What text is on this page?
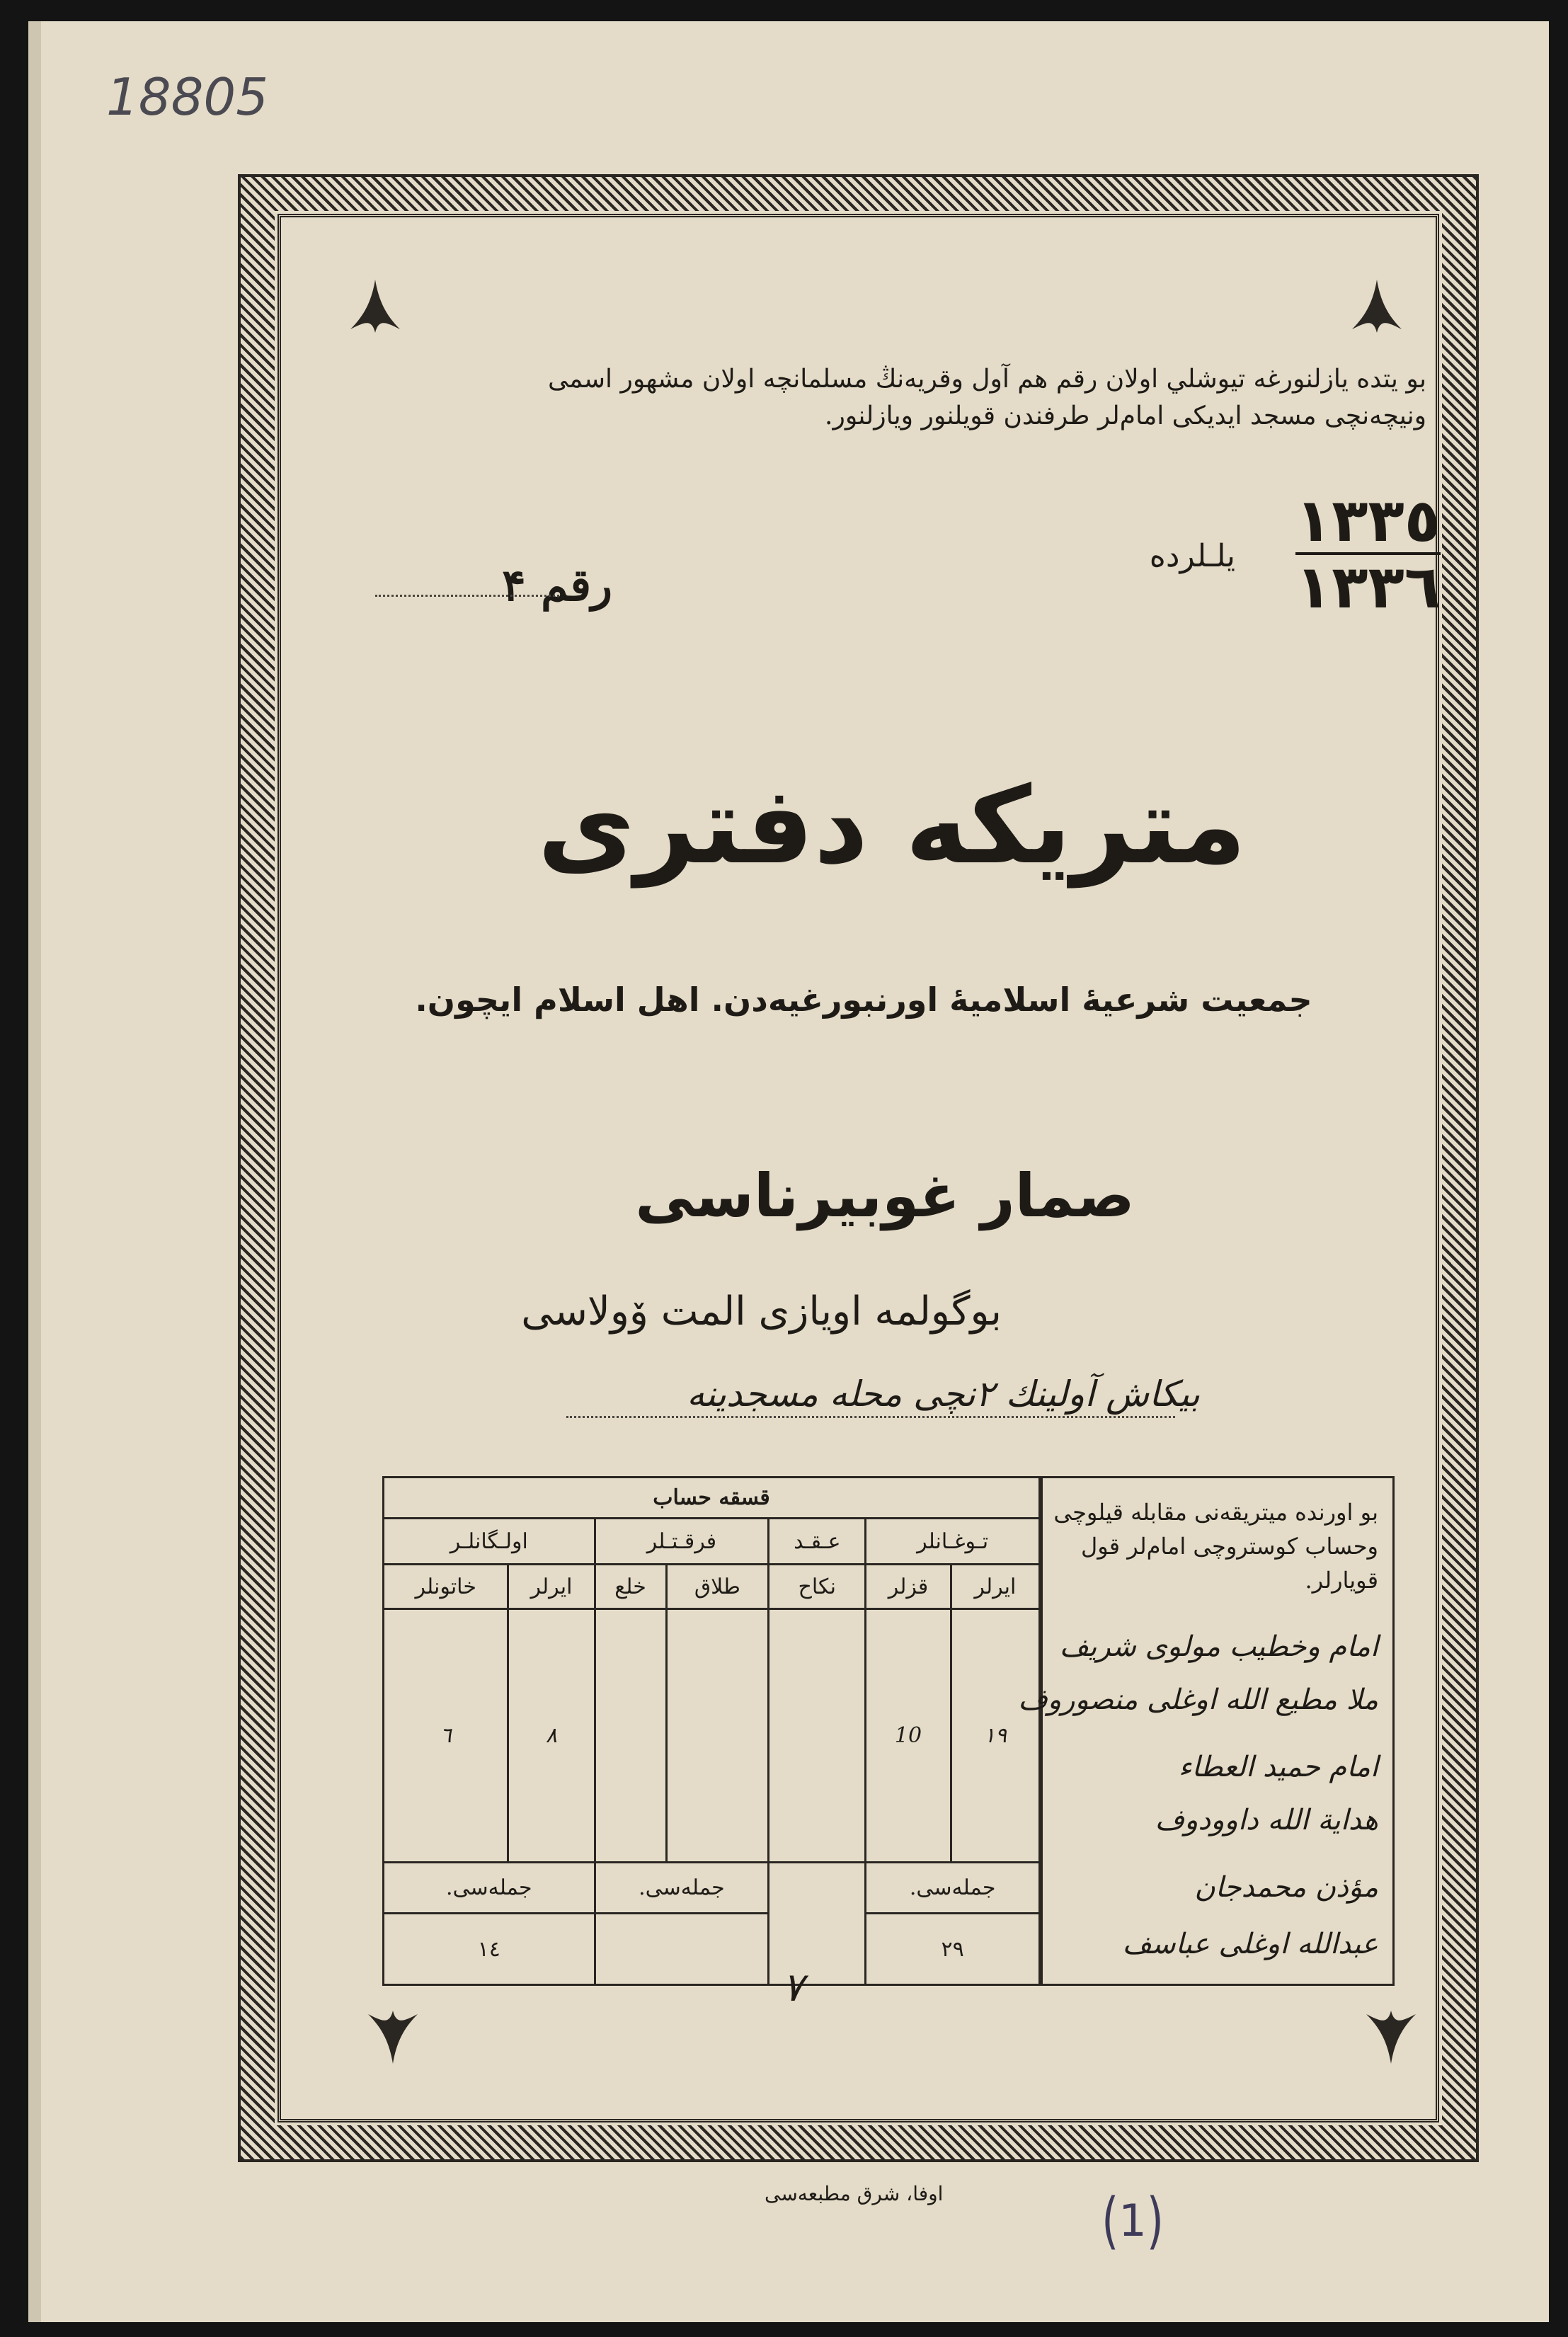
18805
بو يتده يازلنورغه تيوشلي اولان رقم هم آول وقريه‌نڭ مسلمانچه اولان مشهور اسمى
ونيچه‌نچى مسجد ايديكى امام‌لر طرفندن قويلنور ويازلنور.
١٣٣٥
١٣٣٦
يلـلرده
رقم ۴
متريكه دفترى
جمعيت شرعيهٔ اسلاميهٔ اورنبورغيه‌دن. اهل اسلام ايچون.
صمار غوبيرناسى
بوگولمه اويازى المت ۆولاسى
بيكاش آولينك ٢نچى محله مسجدينه
قسقه حساب						
تـوغـانلر		عـقـد	فرقـتـلر		اولـگانلـر	
ايرلر	قزلر	نكاح	طلاق	خلع	ايرلر	خاتونلر
١٩	10				٨	٦
جمله‌سى.			جمله‌سى.		جمله‌سى.	
٢٩					١٤	
بو اورنده ميتريقه‌نى مقابله قيلوچى وحساب كوستروچى امام‌لر قول قويارلر.
امام وخطيب مولوى شريف
ملا مطيع الله اوغلى منصوروف
امام حميد العطاء
هداية الله داوودوف
مؤذن محمدجان
عبدالله اوغلى عباسف
٧
اوفا، شرق مطبعه‌سى	(1)
